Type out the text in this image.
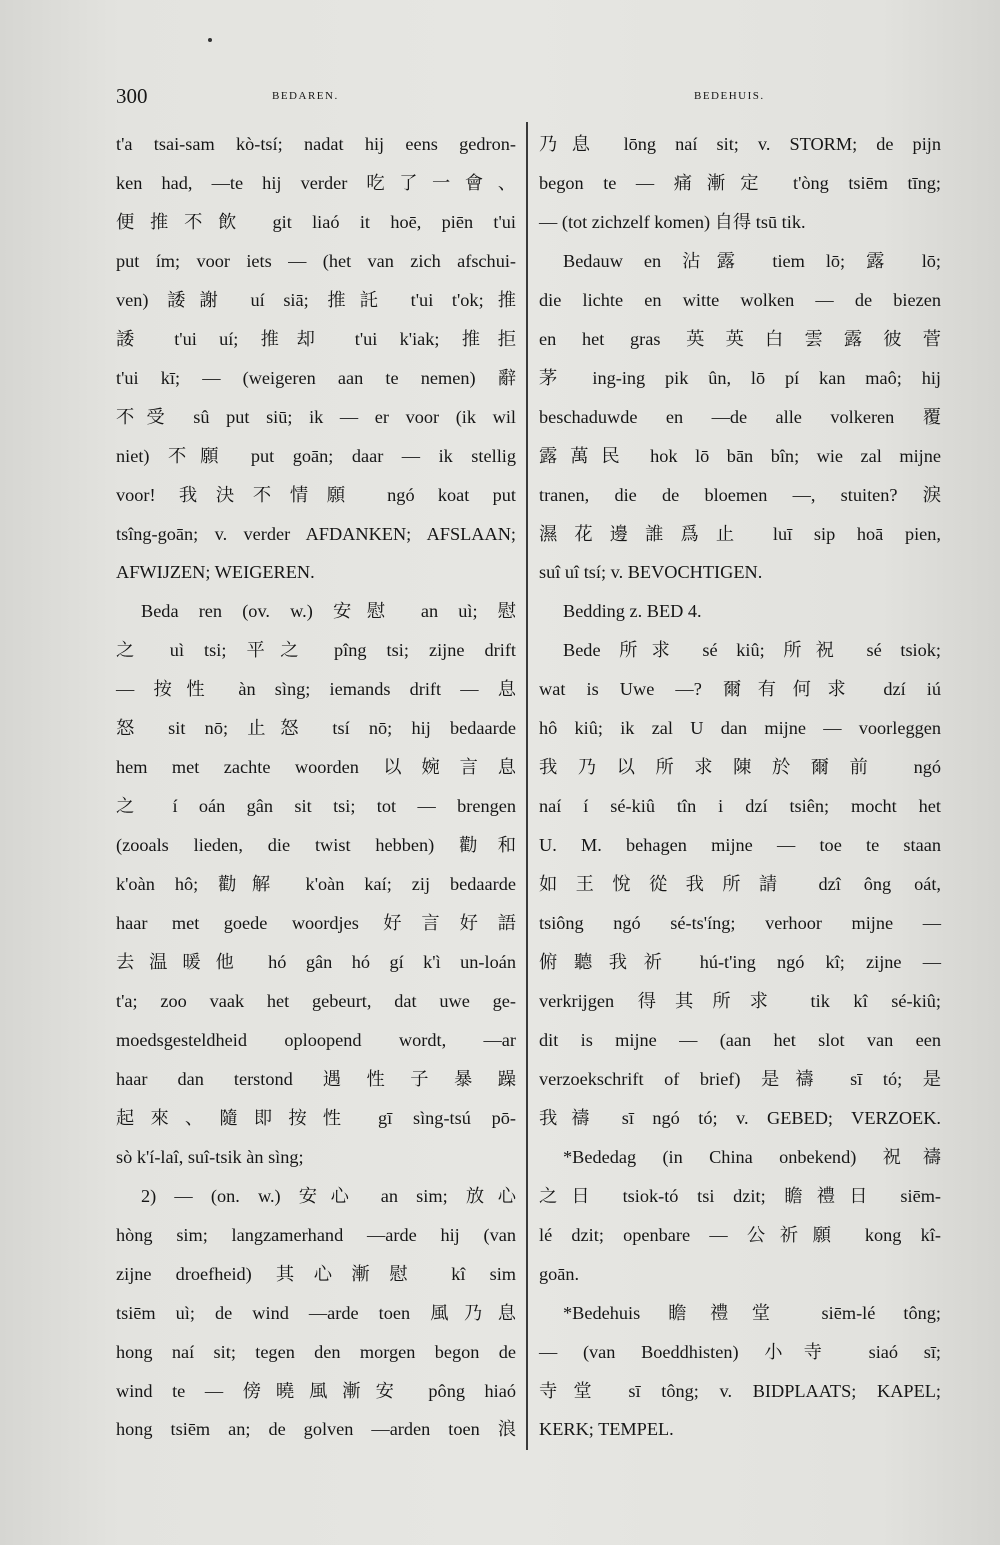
300	BEDAREN.	BEDEHUIS.

t'a tsai-sam kò-tsí; nadat hij eens gedron-

ken had, —te hij verder 吃了一會、

便推不飲 git liaó it hoē, piēn t'ui

put ím; voor iets — (het van zich afschui-

ven) 諉謝 uí siā; 推託 t'ui t'ok;推

諉 t'ui uí; 推却 t'ui k'iak; 推拒

t'ui kī; — (weigeren aan te nemen) 辭

不受 sû put siū; ik — er voor (ik wil

niet) 不願 put goān; daar — ik stellig

voor! 我決不情願 ngó koat put

tsîng-goān; v. verder AFDANKEN; AFSLAAN;

AFWIJZEN; WEIGEREN.

Beda ren (ov. w.) 安慰 an uì; 慰

之 uì tsi; 平之 pîng tsi; zijne drift

— 按性 àn sìng; iemands drift — 息

怒 sit nō; 止怒 tsí nō; hij bedaarde

hem met zachte woorden 以婉言息

之 í oán gân sit tsi; tot — brengen

(zooals lieden, die twist hebben) 勸和

k'oàn hô; 勸解 k'oàn kaí; zij bedaarde

haar met goede woordjes 好言好語

去温暖他 hó gân hó gí k'ì un-loán

t'a; zoo vaak het gebeurt, dat uwe ge-

moedsgesteldheid oploopend wordt, —ar

haar dan terstond 遇性子暴躁

起來、隨即按性 gī sìng-tsú pō-

sò k'í-laî, suî-tsik àn sìng;

2) — (on. w.) 安心 an sim; 放心

hòng sim; langzamerhand —arde hij (van

zijne droefheid) 其心漸慰 kî sim

tsiēm uì; de wind —arde toen 風乃息

hong naí sit; tegen den morgen begon de

wind te — 傍曉風漸安 pông hiaó

hong tsiēm an; de golven —arden toen 浪

乃息 lōng naí sit; v. STORM; de pijn

begon te — 痛漸定 t'òng tsiēm tīng;

— (tot zichzelf komen) 自得 tsū tik.

Bedauw en 沾露 tiem lō; 露 lō;

die lichte en witte wolken — de biezen

en het gras 英英白雲露彼菅

茅 ing-ing pik ûn, lō pí kan maô; hij

beschaduwde en —de alle volkeren 覆

露萬民 hok lō bān bîn; wie zal mijne

tranen, die de bloemen —, stuiten? 淚

濕花邊誰爲止 luī sip hoā pien,

suî uî tsí; v. BEVOCHTIGEN.

Bedding z. BED 4.

Bede 所求 sé kiû; 所祝 sé tsiok;

wat is Uwe —? 爾有何求 dzí iú

hô kiû; ik zal U dan mijne — voorleggen

我乃以所求陳於爾前 ngó

naí í sé-kiû tîn i dzí tsiên; mocht het

U. M. behagen mijne — toe te staan

如王悅從我所請 dzî ông oát,

tsiông ngó sé-ts'íng; verhoor mijne —

俯聽我祈 hú-t'ing ngó kî; zijne —

verkrijgen 得其所求 tik kî sé-kiû;

dit is mijne — (aan het slot van een

verzoekschrift of brief) 是禱 sī tó; 是

我禱 sī ngó tó; v. GEBED; VERZOEK.

*Bededag (in China onbekend) 祝禱

之日 tsiok-tó tsi dzit; 瞻禮日 siēm-

lé dzit; openbare — 公祈願 kong kî-

goān.

*Bedehuis 瞻禮堂 siēm-lé tông;

— (van Boeddhisten) 小寺 siaó sī;

寺堂 sī tông; v. BIDPLAATS; KAPEL;

KERK; TEMPEL.
